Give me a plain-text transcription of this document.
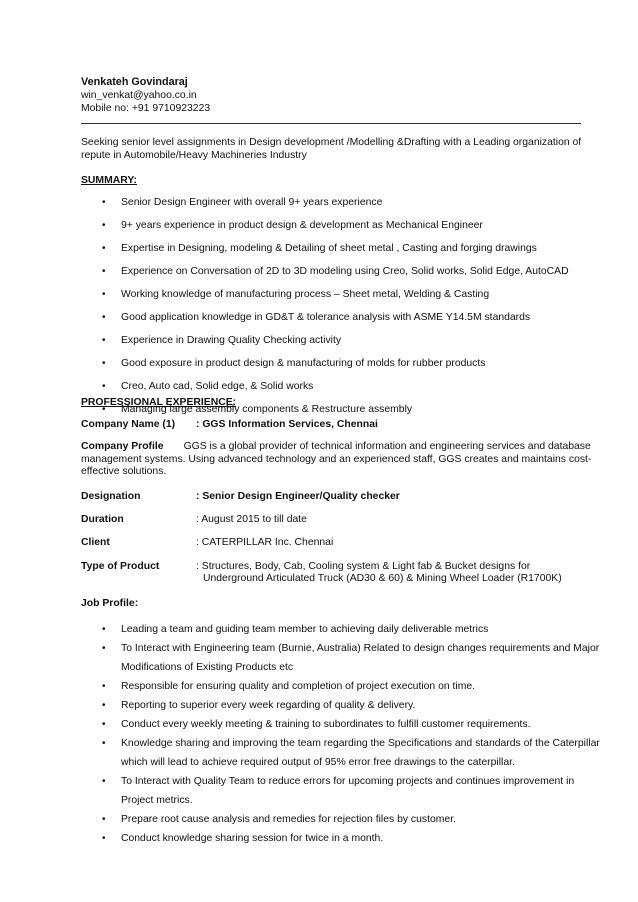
Venkateh Govindaraj
win_venkat@yahoo.co.in
Mobile no: +91 9710923223
Seeking senior level assignments in Design development /Modelling &Drafting with a Leading organization of repute in Automobile/Heavy Machineries Industry
SUMMARY:
• Senior Design Engineer with overall 9+ years experience
• 9+ years experience in product design & development as Mechanical Engineer
• Expertise in Designing, modeling & Detailing of sheet metal , Casting and forging drawings
• Experience on Conversation of 2D to 3D modeling using Creo, Solid works, Solid Edge, AutoCAD
• Working knowledge of manufacturing process – Sheet metal, Welding & Casting
• Good application knowledge in GD&T & tolerance analysis with ASME Y14.5M standards
• Experience in Drawing Quality Checking activity
• Good exposure in product design & manufacturing of molds for rubber products
• Creo, Auto cad, Solid edge, & Solid works
• Managing large assembly components & Restructure assembly
PROFESSIONAL EXPERIENCE:
Company Name (1) : GGS Information Services, Chennai
Company Profile GGS is a global provider of technical information and engineering services and database management systems. Using advanced technology and an experienced staff, GGS creates and maintains cost-effective solutions.
Designation	: Senior Design Engineer/Quality checker
Duration	: August 2015 to till date
Client	: CATERPILLAR Inc. Chennai
Type of Product	: Structures, Body, Cab, Cooling system & Light fab & Bucket designs for
Underground Articulated Truck (AD30 & 60) & Mining Wheel Loader (R1700K)
Job Profile:
• Leading a team and guiding team member to achieving daily deliverable metrics
• To Interact with Engineering team (Burnie, Australia) Related to design changes requirements and Major Modifications of Existing Products etc
• Responsible for ensuring quality and completion of project execution on time.
• Reporting to superior every week regarding of quality & delivery.
• Conduct every weekly meeting & training to subordinates to fulfill customer requirements.
• Knowledge sharing and improving the team regarding the Specifications and standards of the Caterpillar which will lead to achieve required output of 95% error free drawings to the caterpillar.
• To Interact with Quality Team to reduce errors for upcoming projects and continues improvement in Project metrics.
• Prepare root cause analysis and remedies for rejection files by customer.
• Conduct knowledge sharing session for twice in a month.
